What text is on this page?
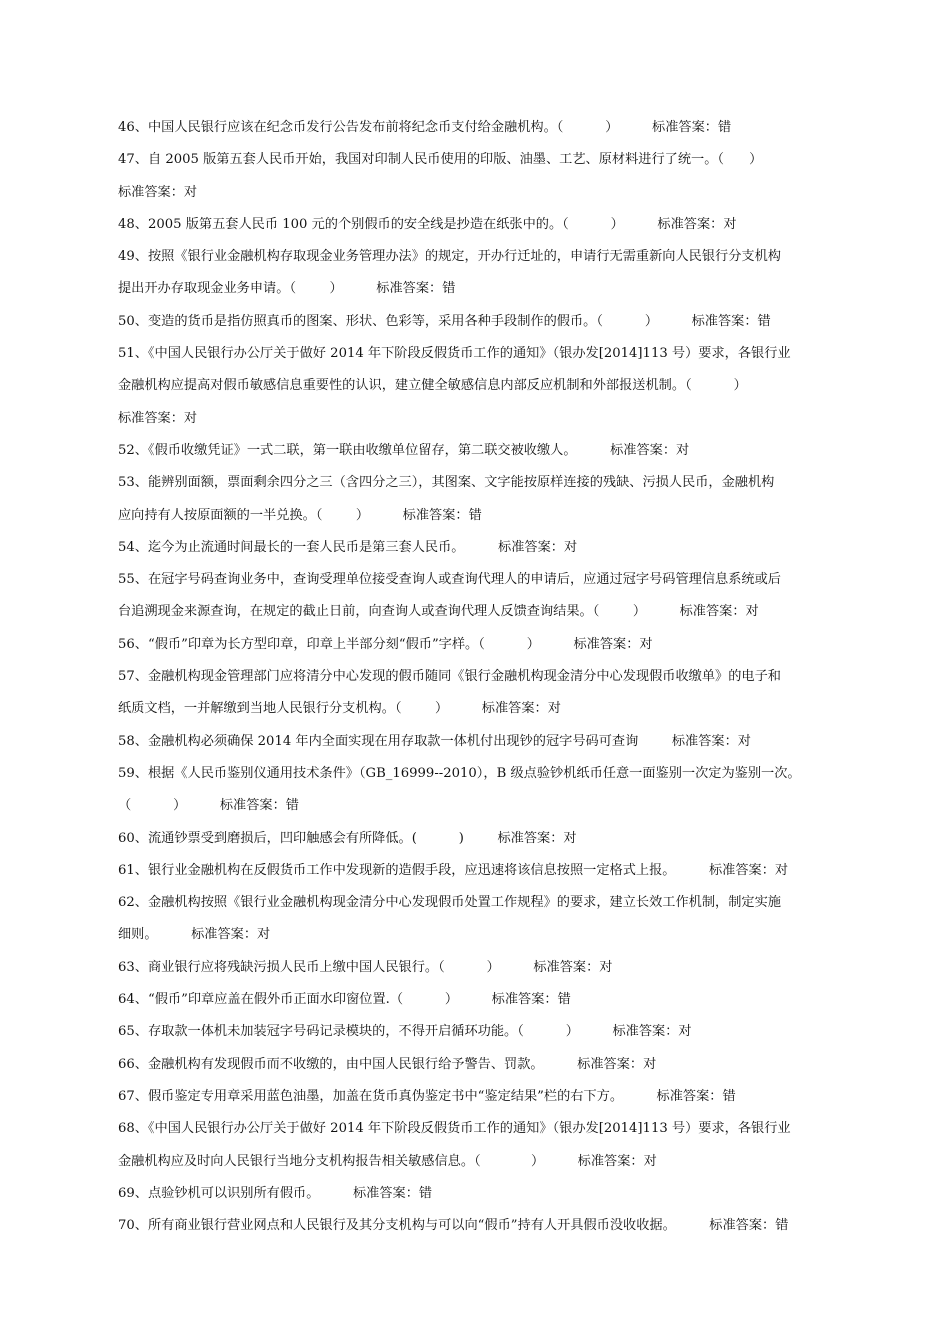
46、中国人民银行应该在纪念币发行公告发布前将纪念币支付给金融机构。（          ）        标准答案：错
47、自 2005 版第五套人民币开始，我国对印制人民币使用的印版、油墨、工艺、原材料进行了统一。（      ）
标准答案：对
48、2005 版第五套人民币 100 元的个别假币的安全线是抄造在纸张中的。（          ）        标准答案：对
49、按照《银行业金融机构存取现金业务管理办法》的规定，开办行迁址的，申请行无需重新向人民银行分支机构
提出开办存取现金业务申请。（        ）        标准答案：错
50、变造的货币是指仿照真币的图案、形状、色彩等，采用各种手段制作的假币。（          ）        标准答案：错
51、《中国人民银行办公厅关于做好 2014 年下阶段反假货币工作的通知》（银办发[2014]113 号）要求，各银行业
金融机构应提高对假币敏感信息重要性的认识，建立健全敏感信息内部反应机制和外部报送机制。（          ）
标准答案：对
52、《假币收缴凭证》一式二联，第一联由收缴单位留存，第二联交被收缴人。        标准答案：对
53、能辨别面额，票面剩余四分之三（含四分之三），其图案、文字能按原样连接的残缺、污损人民币，金融机构
应向持有人按原面额的一半兑换。（        ）        标准答案：错
54、迄今为止流通时间最长的一套人民币是第三套人民币。        标准答案：对
55、在冠字号码查询业务中，查询受理单位接受查询人或查询代理人的申请后，应通过冠字号码管理信息系统或后
台追溯现金来源查询，在规定的截止日前，向查询人或查询代理人反馈查询结果。（        ）        标准答案：对
56、“假币”印章为长方型印章，印章上半部分刻“假币”字样。（          ）        标准答案：对
57、金融机构现金管理部门应将清分中心发现的假币随同《银行金融机构现金清分中心发现假币收缴单》的电子和
纸质文档，一并解缴到当地人民银行分支机构。（        ）        标准答案：对
58、金融机构必须确保 2014 年内全面实现在用存取款一体机付出现钞的冠字号码可查询        标准答案：对
59、根据《人民币鉴别仪通用技术条件》（GB_16999--2010），B 级点验钞机纸币任意一面鉴别一次定为鉴别一次。
（          ）        标准答案：错
60、流通钞票受到磨损后，凹印触感会有所降低。(          )        标准答案：对
61、银行业金融机构在反假货币工作中发现新的造假手段，应迅速将该信息按照一定格式上报。        标准答案：对
62、金融机构按照《银行业金融机构现金清分中心发现假币处置工作规程》的要求，建立长效工作机制，制定实施
细则。        标准答案：对
63、商业银行应将残缺污损人民币上缴中国人民银行。（          ）        标准答案：对
64、“假币”印章应盖在假外币正面水印窗位置.（          ）        标准答案：错
65、存取款一体机未加装冠字号码记录模块的，不得开启循环功能。（          ）        标准答案：对
66、金融机构有发现假币而不收缴的，由中国人民银行给予警告、罚款。        标准答案：对
67、假币鉴定专用章采用蓝色油墨，加盖在货币真伪鉴定书中“鉴定结果”栏的右下方。        标准答案：错
68、《中国人民银行办公厅关于做好 2014 年下阶段反假货币工作的通知》（银办发[2014]113 号）要求，各银行业
金融机构应及时向人民银行当地分支机构报告相关敏感信息。（            ）        标准答案：对
69、点验钞机可以识别所有假币。        标准答案：错
70、所有商业银行营业网点和人民银行及其分支机构与可以向“假币”持有人开具假币没收收据。        标准答案：错
